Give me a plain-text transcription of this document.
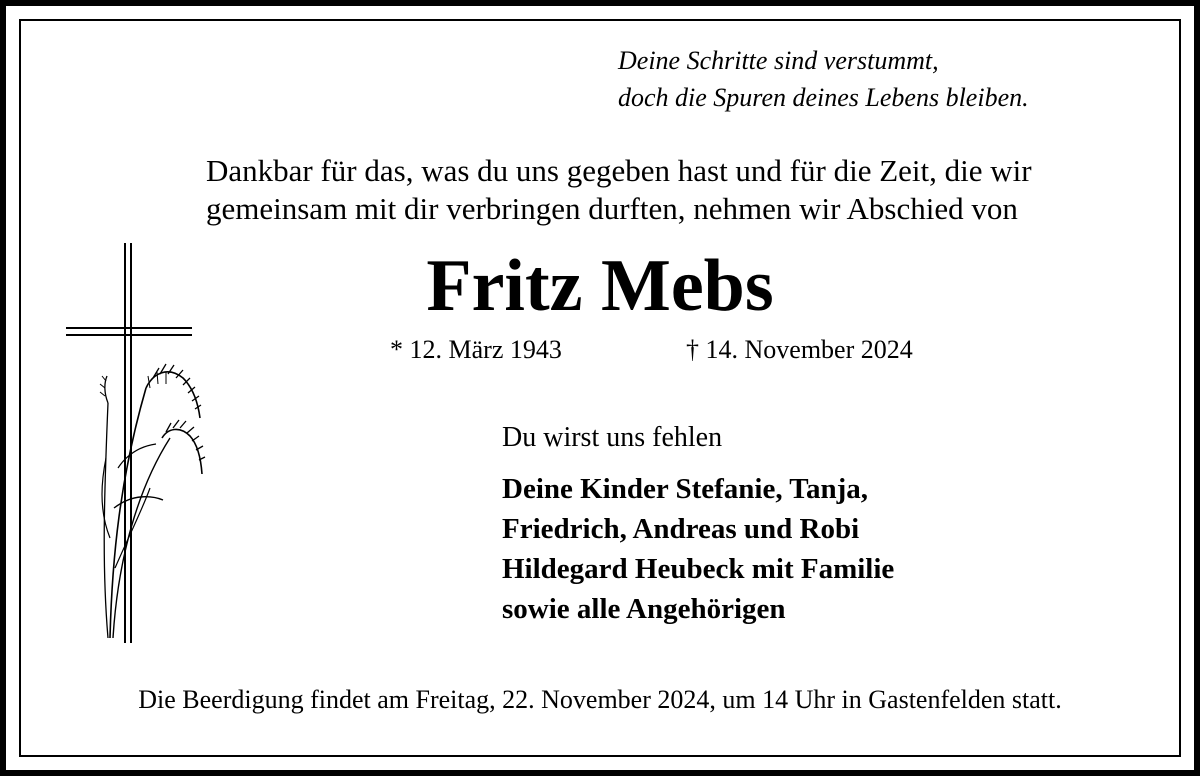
Deine Schritte sind verstummt,
doch die Spuren deines Lebens bleiben.
Dankbar für das, was du uns gegeben hast und für die Zeit, die wir
gemeinsam mit dir verbringen durften, nehmen wir Abschied von
Fritz Mebs
* 12. März 1943	† 14. November 2024
Du wirst uns fehlen
Deine Kinder Stefanie, Tanja,
Friedrich, Andreas und Robi
Hildegard Heubeck mit Familie
sowie alle Angehörigen
Die Beerdigung findet am Freitag, 22. November 2024, um 14 Uhr in Gastenfelden statt.
